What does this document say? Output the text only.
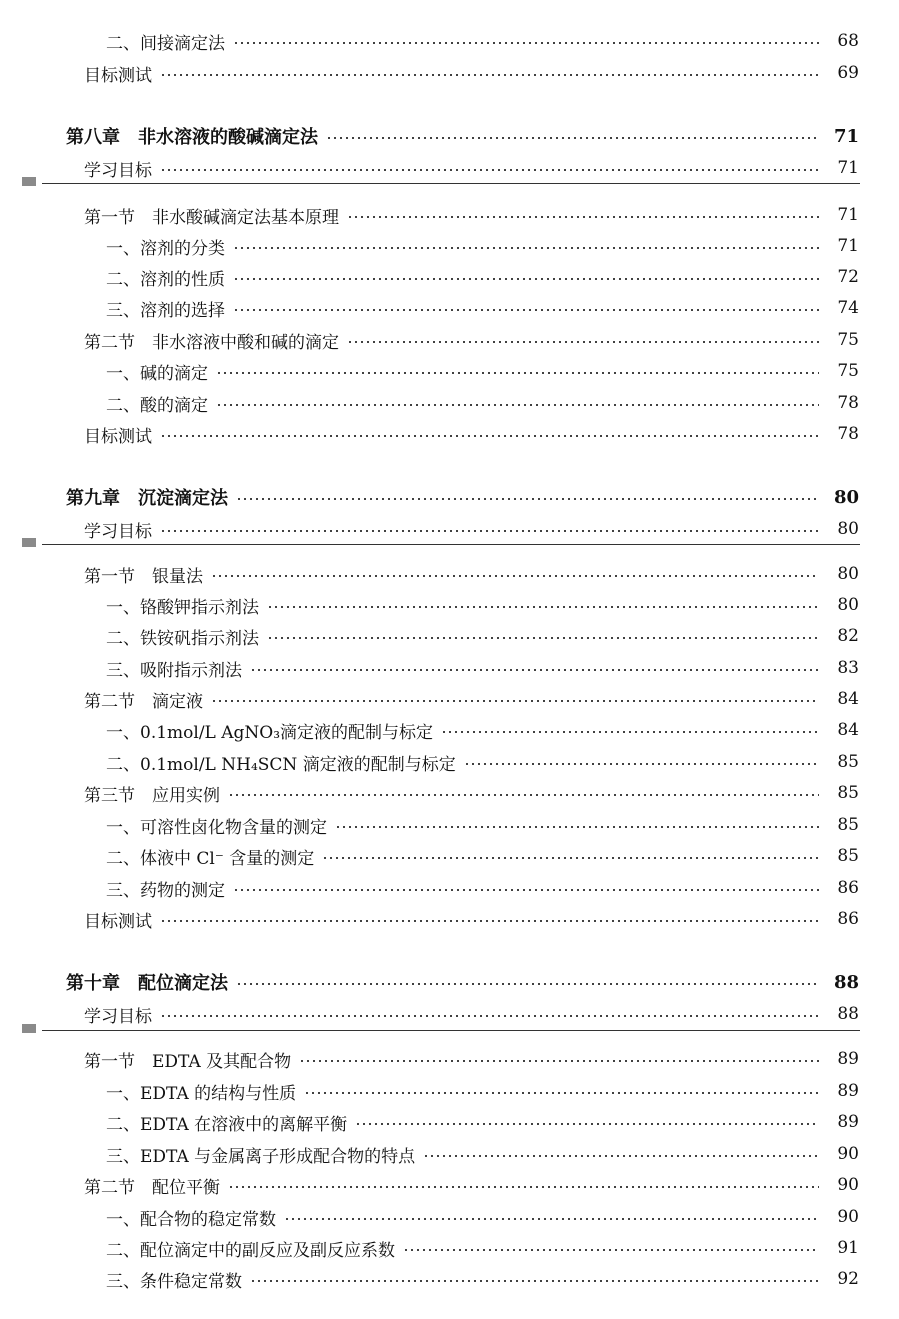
二、间接滴定法	68
目标测试	69
第八章　非水溶液的酸碱滴定法	71
学习目标	71
第一节　非水酸碱滴定法基本原理	71
一、溶剂的分类	71
二、溶剂的性质	72
三、溶剂的选择	74
第二节　非水溶液中酸和碱的滴定	75
一、碱的滴定	75
二、酸的滴定	78
目标测试	78
第九章　沉淀滴定法	80
学习目标	80
第一节　银量法	80
一、铬酸钾指示剂法	80
二、铁铵矾指示剂法	82
三、吸附指示剂法	83
第二节　滴定液	84
一、0.1mol/L AgNO₃滴定液的配制与标定	84
二、0.1mol/L NH₄SCN 滴定液的配制与标定	85
第三节　应用实例	85
一、可溶性卤化物含量的测定	85
二、体液中 Cl⁻ 含量的测定	85
三、药物的测定	86
目标测试	86
第十章　配位滴定法	88
学习目标	88
第一节　EDTA 及其配合物	89
一、EDTA 的结构与性质	89
二、EDTA 在溶液中的离解平衡	89
三、EDTA 与金属离子形成配合物的特点	90
第二节　配位平衡	90
一、配合物的稳定常数	90
二、配位滴定中的副反应及副反应系数	91
三、条件稳定常数	92
